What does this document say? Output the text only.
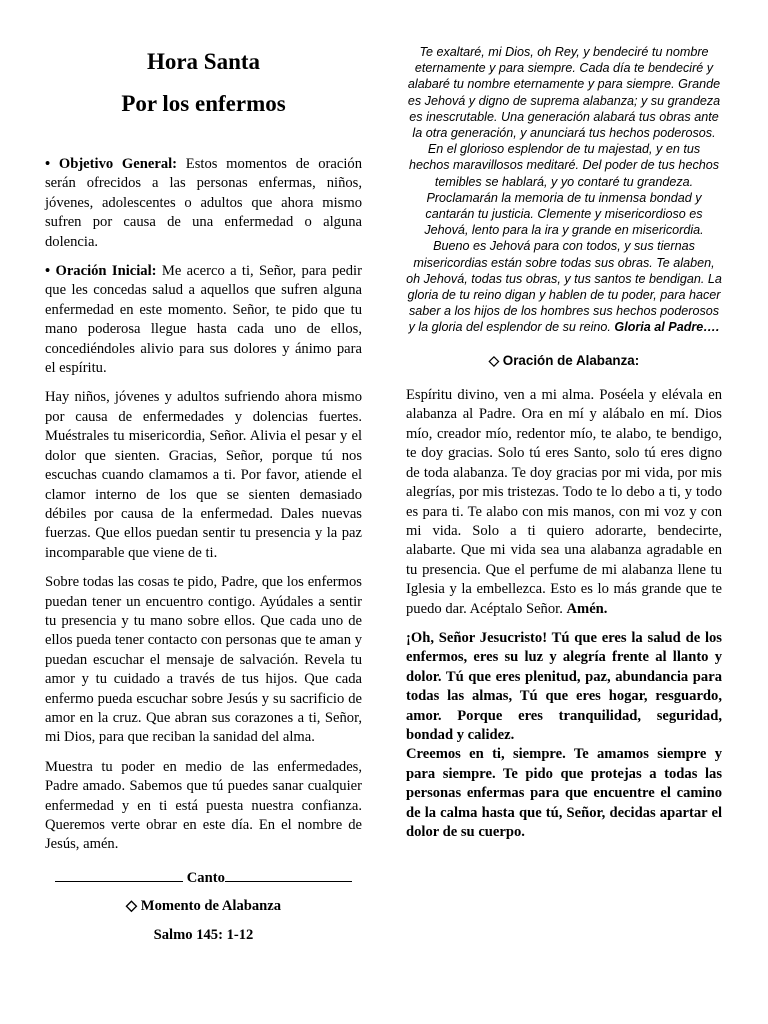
Hora Santa
Por los enfermos

• Objetivo General: Estos momentos de oración serán ofrecidos a las personas enfermas, niños, jóvenes, adolescentes o adultos que ahora mismo sufren por causa de una enfermedad o alguna dolencia.

• Oración Inicial: Me acerco a ti, Señor, para pedir que les concedas salud a aquellos que sufren alguna enfermedad en este momento. Señor, te pido que tu mano poderosa llegue hasta cada uno de ellos, concediéndoles alivio para sus dolores y ánimo para el espíritu.

Hay niños, jóvenes y adultos sufriendo ahora mismo por causa de enfermedades y dolencias fuertes. Muéstrales tu misericordia, Señor. Alivia el pesar y el dolor que sienten. Gracias, Señor, porque tú nos escuchas cuando clamamos a ti. Por favor, atiende el clamor interno de los que se sienten demasiado débiles por causa de la enfermedad. Dales nuevas fuerzas. Que ellos puedan sentir tu presencia y la paz incomparable que viene de ti.

Sobre todas las cosas te pido, Padre, que los enfermos puedan tener un encuentro contigo. Ayúdales a sentir tu presencia y tu mano sobre ellos. Que cada uno de ellos pueda tener contacto con personas que te aman y puedan escuchar el mensaje de salvación. Revela tu amor y tu cuidado a través de tus hijos. Que cada enfermo pueda escuchar sobre Jesús y su sacrificio de amor en la cruz. Que abran sus corazones a ti, Señor, mi Dios, para que reciban la sanidad del alma.

Muestra tu poder en medio de las enfermedades, Padre amado. Sabemos que tú puedes sanar cualquier enfermedad y en ti está puesta nuestra confianza. Queremos verte obrar en este día. En el nombre de Jesús, amén.

Canto
◇ Momento de Alabanza
Salmo 145: 1-12

Te exaltaré, mi Dios, oh Rey, y bendeciré tu nombre eternamente y para siempre. Cada día te bendeciré y alabaré tu nombre eternamente y para siempre. Grande es Jehová y digno de suprema alabanza; y su grandeza es inescrutable. Una generación alabará tus obras ante la otra generación, y anunciará tus hechos poderosos. En el glorioso esplendor de tu majestad, y en tus hechos maravillosos meditaré. Del poder de tus hechos temibles se hablará, y yo contaré tu grandeza. Proclamarán la memoria de tu inmensa bondad y cantarán tu justicia. Clemente y misericordioso es Jehová, lento para la ira y grande en misericordia. Bueno es Jehová para con todos, y sus tiernas misericordias están sobre todas sus obras. Te alaben, oh Jehová, todas tus obras, y tus santos te bendigan. La gloria de tu reino digan y hablen de tu poder, para hacer saber a los hijos de los hombres sus hechos poderosos y la gloria del esplendor de su reino. Gloria al Padre….

◇ Oración de Alabanza:

Espíritu divino, ven a mi alma. Poséela y elévala en alabanza al Padre. Ora en mí y alábalo en mí. Dios mío, creador mío, redentor mío, te alabo, te bendigo, te doy gracias. Solo tú eres Santo, solo tú eres digno de toda alabanza. Te doy gracias por mi vida, por mis alegrías, por mis tristezas. Todo te lo debo a ti, y todo es para ti. Te alabo con mis manos, con mi voz y con mi vida. Solo a ti quiero adorarte, bendecirte, alabarte. Que mi vida sea una alabanza agradable en tu presencia. Que el perfume de mi alabanza llene tu Iglesia y la embellezca. Esto es lo más grande que te puedo dar. Acéptalo Señor. Amén.

¡Oh, Señor Jesucristo! Tú que eres la salud de los enfermos, eres su luz y alegría frente al llanto y dolor. Tú que eres plenitud, paz, abundancia para todas las almas, Tú que eres hogar, resguardo, amor. Porque eres tranquilidad, seguridad, bondad y calidez.

Creemos en ti, siempre. Te amamos siempre y para siempre. Te pido que protejas a todas las personas enfermas para que encuentre el camino de la calma hasta que tú, Señor, decidas apartar el dolor de su cuerpo.
